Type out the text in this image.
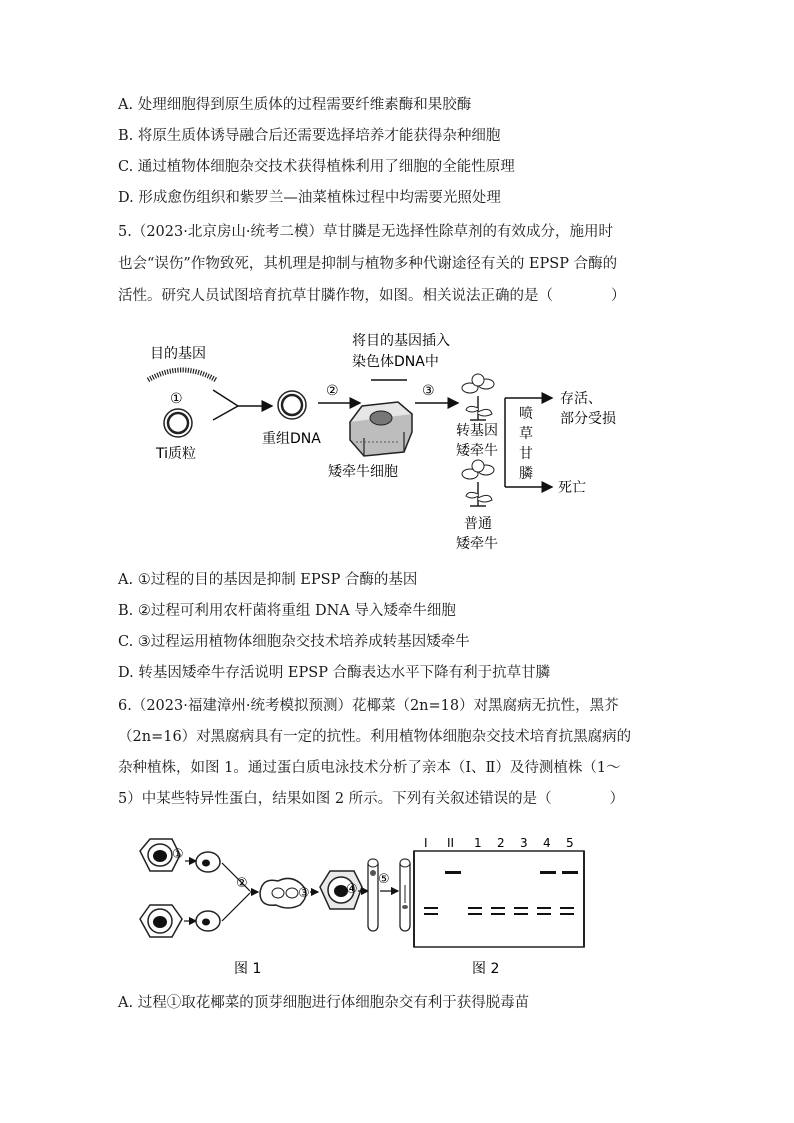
A. 处理细胞得到原生质体的过程需要纤维素酶和果胶酶
B. 将原生质体诱导融合后还需要选择培养才能获得杂种细胞
C. 通过植物体细胞杂交技术获得植株利用了细胞的全能性原理
D. 形成愈伤组织和紫罗兰—油菜植株过程中均需要光照处理
5.（2023·北京房山·统考二模）草甘膦是无选择性除草剂的有效成分，施用时
也会“误伤”作物致死，其机理是抑制与植物多种代谢途径有关的 EPSP 合酶的
活性。研究人员试图培育抗草甘膦作物，如图。相关说法正确的是（　　　　）
目的基因
①
Ti质粒
重组DNA
②
将目的基因插入
染色体DNA中
矮牵牛细胞
③
转基因
矮牵牛
普通
矮牵牛
喷
草
甘
膦
存活、
部分受损
死亡
A. ①过程的目的基因是抑制 EPSP 合酶的基因
B. ②过程可利用农杆菌将重组 DNA 导入矮牵牛细胞
C. ③过程运用植物体细胞杂交技术培养成转基因矮牵牛
D. 转基因矮牵牛存活说明 EPSP 合酶表达水平下降有利于抗草甘膦
6.（2023·福建漳州·统考模拟预测）花椰菜（2n=18）对黑腐病无抗性，黑芥
（2n=16）对黑腐病具有一定的抗性。利用植物体细胞杂交技术培育抗黑腐病的
杂种植株，如图 1。通过蛋白质电泳技术分析了亲本（Ⅰ、Ⅱ）及待测植株（1～
5）中某些特异性蛋白，结果如图 2 所示。下列有关叙述错误的是（　　　　）
①
②
③	④
⑤
图 1
I II 1 2 3 4 5
图 2
A. 过程①取花椰菜的顶芽细胞进行体细胞杂交有利于获得脱毒苗
